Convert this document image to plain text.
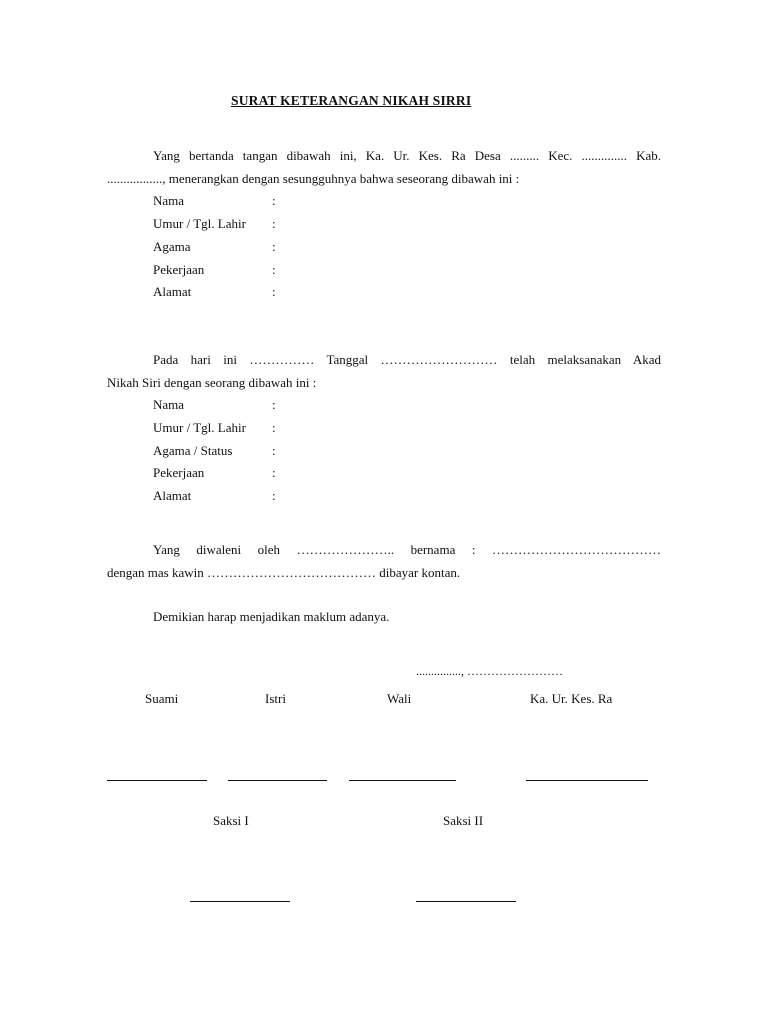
SURAT KETERANGAN NIKAH SIRRI
Yang bertanda tangan dibawah ini, Ka. Ur. Kes. Ra Desa ......... Kec. .............. Kab.
................., menerangkan dengan sesungguhnya bahwa seseorang dibawah ini :
Nama	:
Umur / Tgl. Lahir :
Agama	:
Pekerjaan	:
Alamat	:
Pada hari ini …………… Tanggal ……………………… telah melaksanakan Akad
Nikah Siri dengan seorang dibawah ini :
Nama	:
Umur / Tgl. Lahir :
Agama / Status	:
Pekerjaan	:
Alamat	:
Yang diwaleni oleh ………………….. bernama : …………………………………
dengan mas kawin ………………………………… dibayar kontan.
Demikian harap menjadikan maklum adanya.
..............., ……………………
Suami	Istri	Wali	Ka. Ur. Kes. Ra
Saksi I	Saksi II
